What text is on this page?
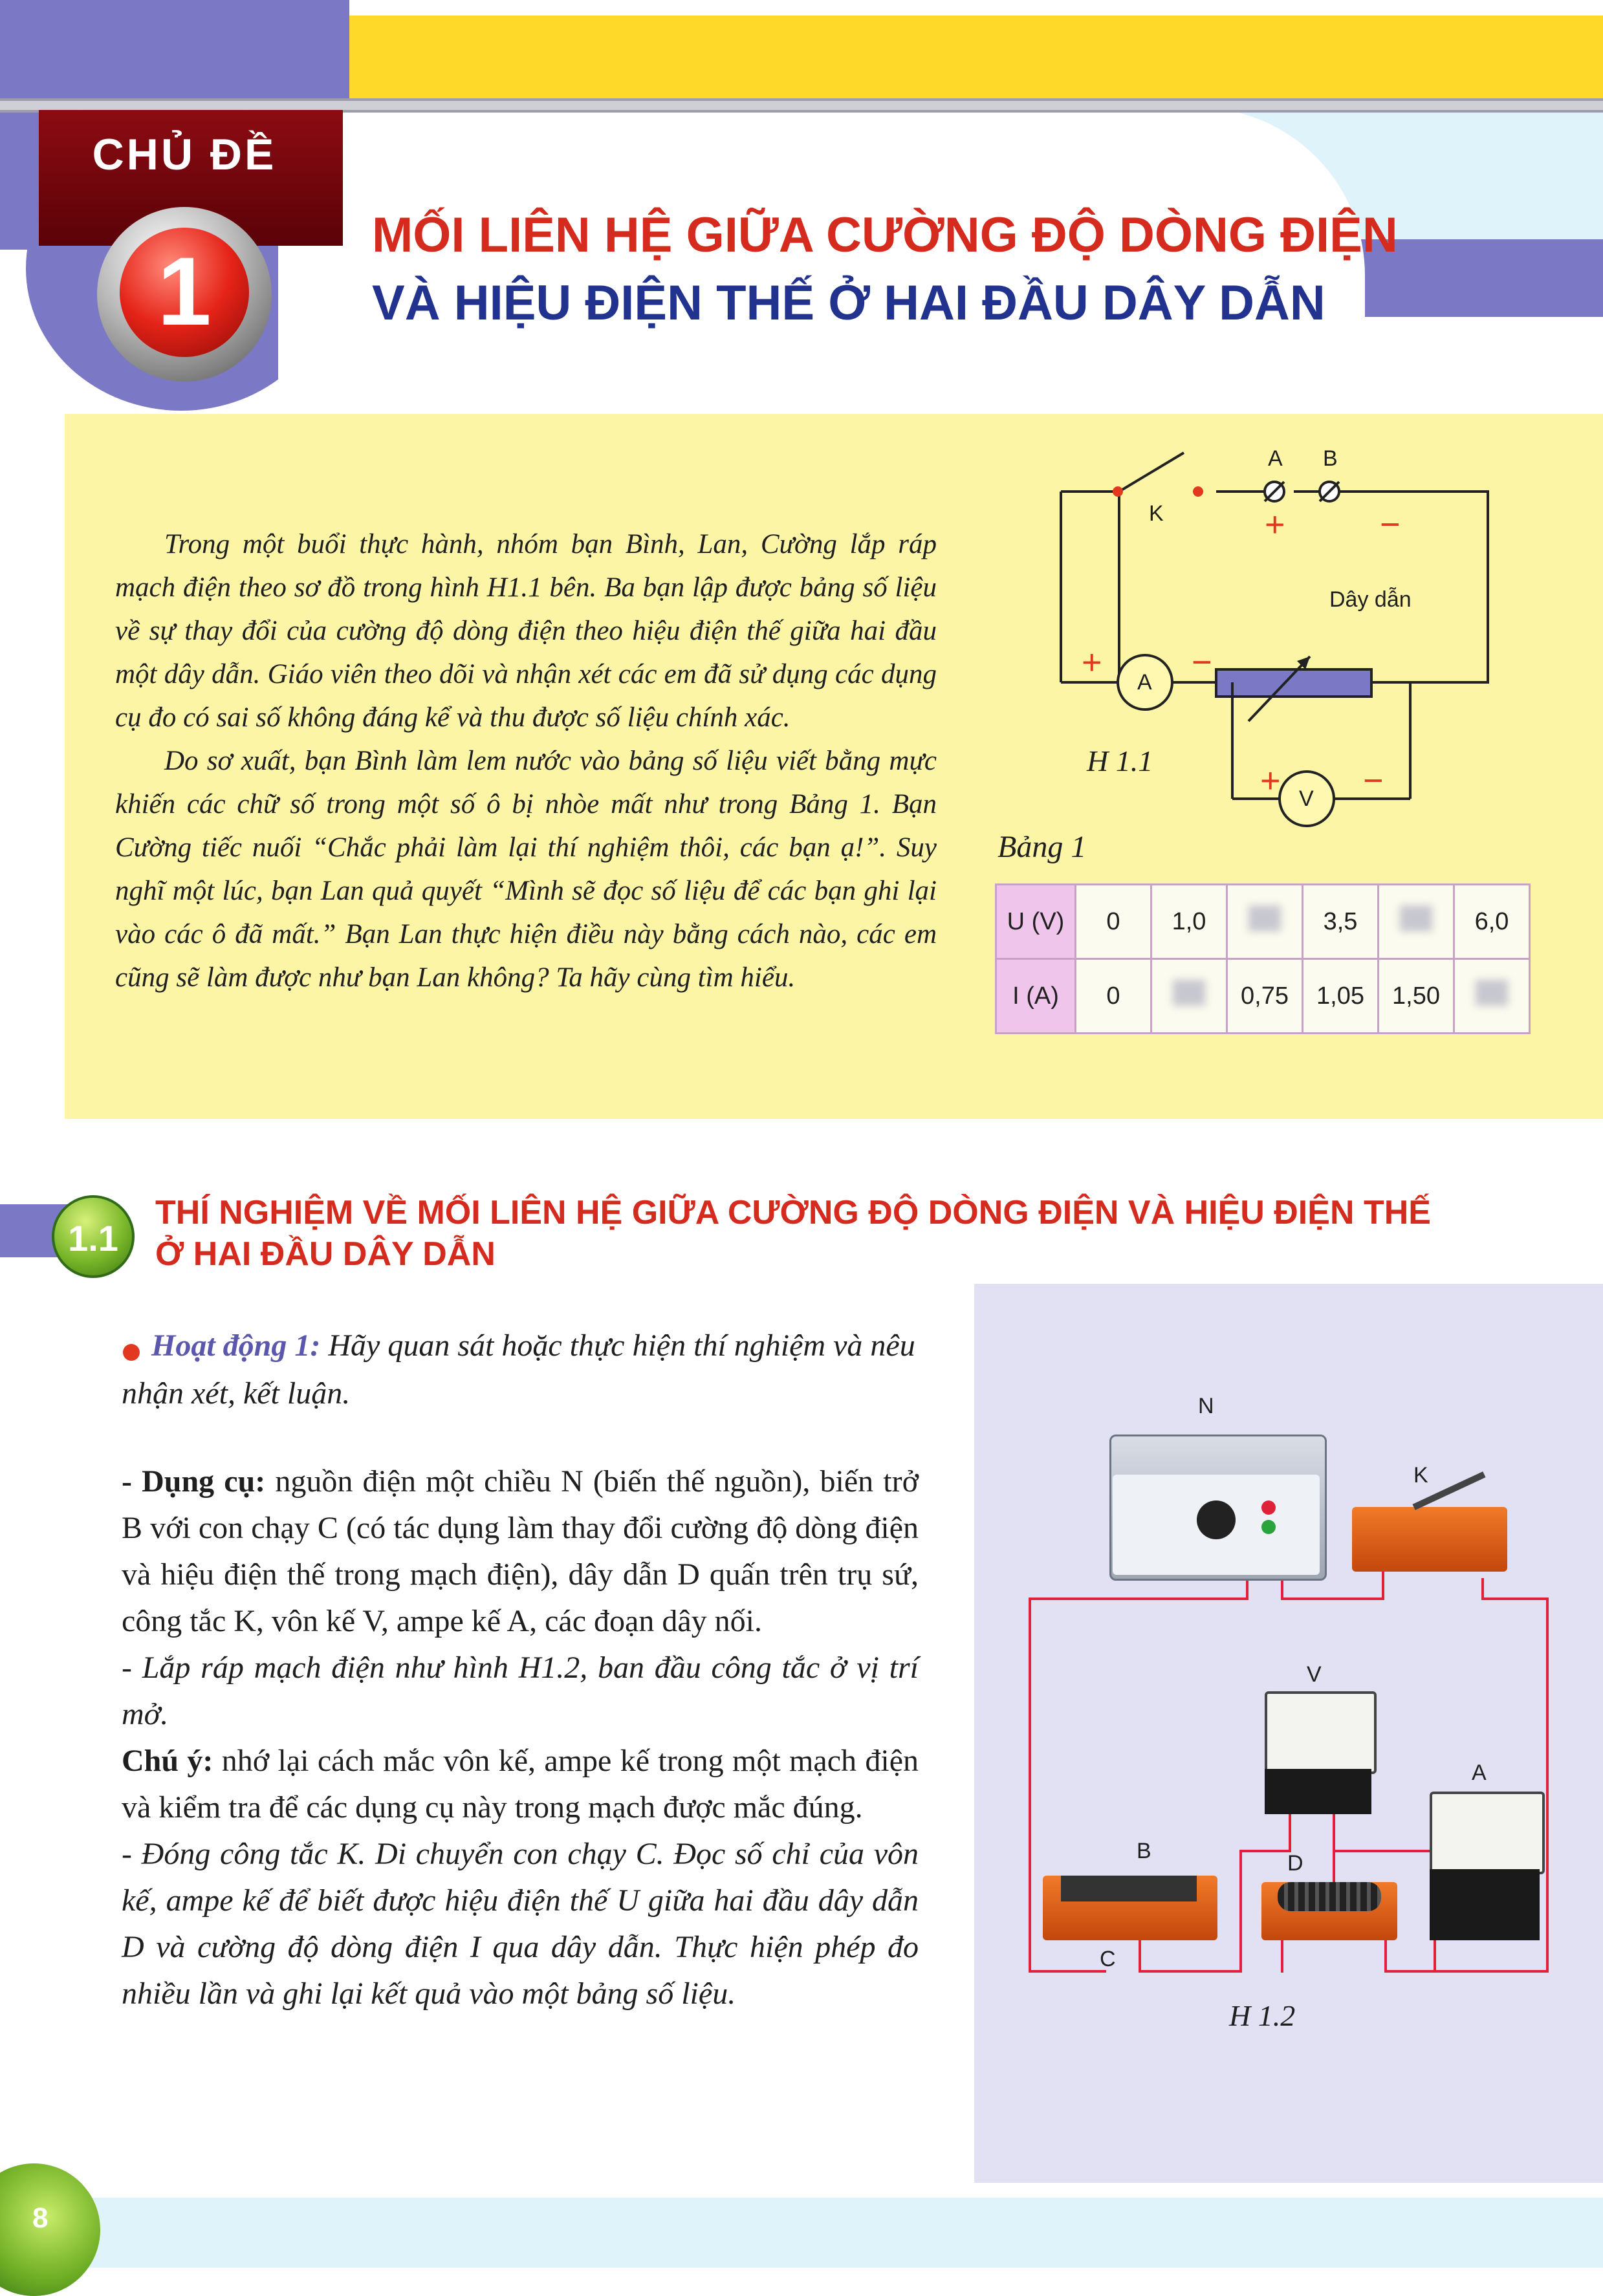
CHỦ ĐỀ
1
MỐI LIÊN HỆ GIỮA CƯỜNG ĐỘ DÒNG ĐIỆN
VÀ HIỆU ĐIỆN THẾ Ở HAI ĐẦU DÂY DẪN

Trong một buổi thực hành, nhóm bạn Bình, Lan, Cường lắp ráp mạch điện theo sơ đồ trong hình H1.1 bên. Ba bạn lập được bảng số liệu về sự thay đổi của cường độ dòng điện theo hiệu điện thế giữa hai đầu một dây dẫn. Giáo viên theo dõi và nhận xét các em đã sử dụng các dụng cụ đo có sai số không đáng kể và thu được số liệu chính xác.

Do sơ xuất, bạn Bình làm lem nước vào bảng số liệu viết bằng mực khiến các chữ số trong một số ô bị nhòe mất như trong Bảng 1. Bạn Cường tiếc nuối “Chắc phải làm lại thí nghiệm thôi, các bạn ạ!”. Suy nghĩ một lúc, bạn Lan quả quyết “Mình sẽ đọc số liệu để các bạn ghi lại vào các ô đã mất.” Bạn Lan thực hiện điều này bằng cách nào, các em cũng sẽ làm được như bạn Lan không? Ta hãy cùng tìm hiểu.

K
A B
+	−
Dây dẫn
+	−
A
+ −
V
H 1.1
Bảng 1
U (V)	0	1,0		3,5		6,0
I (A)	0		0,75	1,05	1,50	
1.1
THÍ NGHIỆM VỀ MỐI LIÊN HỆ GIỮA CƯỜNG ĐỘ DÒNG ĐIỆN VÀ HIỆU ĐIỆN THẾ
Ở HAI ĐẦU DÂY DẪN
Hoạt động 1: Hãy quan sát hoặc thực hiện thí nghiệm và nêu nhận xét, kết luận.

- Dụng cụ: nguồn điện một chiều N (biến thế nguồn), biến trở B với con chạy C (có tác dụng làm thay đổi cường độ dòng điện và hiệu điện thế trong mạch điện), dây dẫn D quấn trên trụ sứ, công tắc K, vôn kế V, ampe kế A, các đoạn dây nối.

- Lắp ráp mạch điện như hình H1.2, ban đầu công tắc ở vị trí mở.

Chú ý: nhớ lại cách mắc vôn kế, ampe kế trong một mạch điện và kiểm tra để các dụng cụ này trong mạch được mắc đúng.

- Đóng công tắc K. Di chuyển con chạy C. Đọc số chỉ của vôn kế, ampe kế để biết được hiệu điện thế U giữa hai đầu dây dẫn D và cường độ dòng điện I qua dây dẫn. Thực hiện phép đo nhiều lần và ghi lại kết quả vào một bảng số liệu.

N
K
V
A
B
C
D
H 1.2
8
